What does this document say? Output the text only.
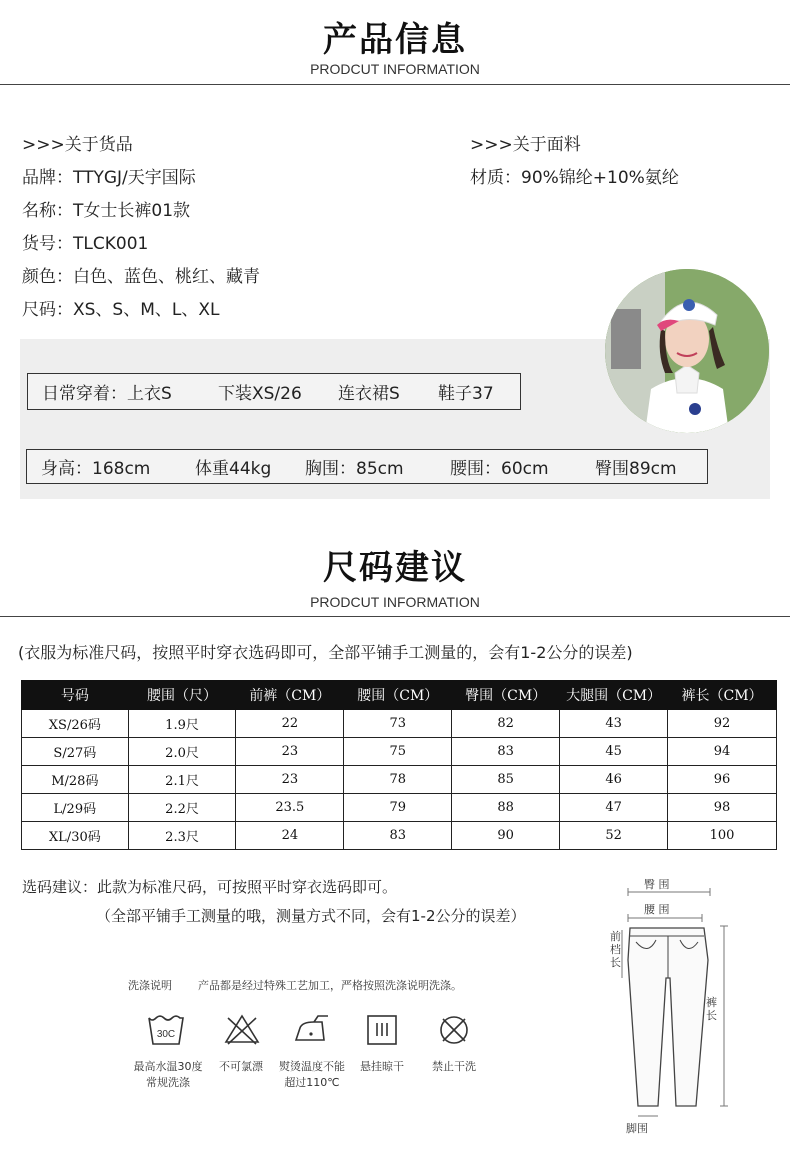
产品信息
PRODCUT INFORMATION
>>>关于货品
品牌：TTYGJ/天宇国际
名称：T女士长裤01款
货号：TLCK001
颜色：白色、蓝色、桃红、藏青
尺码：XS、S、M、L、XL
>>>关于面料
材质：90%锦纶+10%氨纶
日常穿着：上衣S	下装XS/26	连衣裙S	鞋子37
身高：168cm	体重44kg	胸围：85cm	腰围：60cm	臀围89cm
尺码建议
PRODCUT INFORMATION
(衣服为标准尺码，按照平时穿衣选码即可，全部平铺手工测量的，会有1-2公分的误差)
号码	腰围（尺）	前裤（CM）	腰围（CM）	臀围（CM）	大腿围（CM）	裤长（CM）
XS/26码	1.9尺	22	73	82	43	92
S/27码	2.0尺	23	75	83	45	94
M/28码	2.1尺	23	78	85	46	96
L/29码	2.2尺	23.5	79	88	47	98
XL/30码	2.3尺	24	83	90	52	100
选码建议：此款为标准尺码，可按照平时穿衣选码即可。
（全部平铺手工测量的哦，测量方式不同，会有1-2公分的误差）
洗涤说明 产品都是经过特殊工艺加工，严格按照洗涤说明洗涤。
30C
最高水温30度
常规洗涤
不可氯漂	熨烫温度不能
超过110℃
悬挂晾干	禁止干洗
臀 围
腰 围
前档长
裤长
脚围
